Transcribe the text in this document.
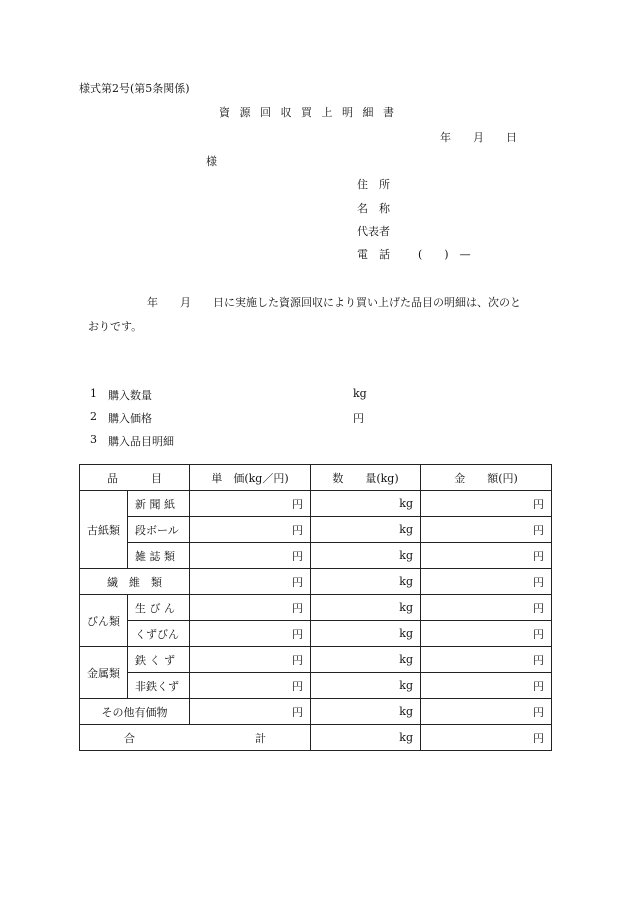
様式第2号(第5条関係)
資 源 回 収 買 上 明 細 書
年　　月　　日
様
住　所
名　称
代表者
電　話	(　　)　—
年　　月　　日に実施した資源回収により買い上げた品目の明細は、次のと
おりです。
1 購入数量	kg
2 購入価格	円
3 購入品目明細
品　　　目		単　価(kg／円)	数　　量(kg)	金　　額(円)
古紙類	新 聞 紙	円	kg	円
	段ボール	円	kg	円
	雑 誌 類	円	kg	円
繊　維　類		円	kg	円
びん類	生 び ん	円	kg	円
	くずびん	円	kg	円
金属類	鉄 く ず	円	kg	円
	非鉄くず	円	kg	円
その他有価物		円	kg	円

合 計			kg	円
